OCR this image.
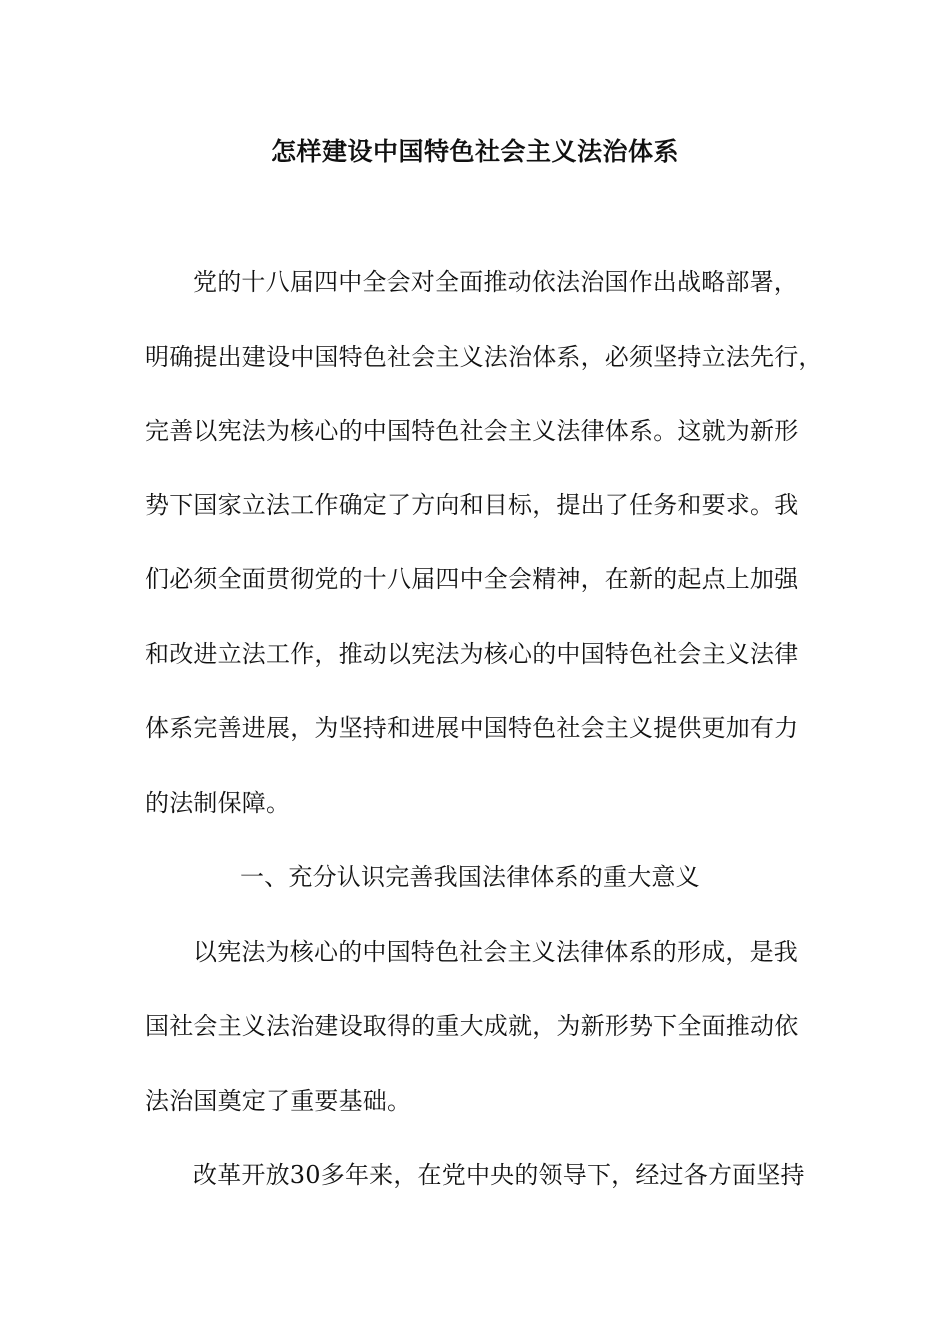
怎样建设中国特色社会主义法治体系
党的十八届四中全会对全面推动依法治国作出战略部署，
明确提出建设中国特色社会主义法治体系，必须坚持立法先行，
完善以宪法为核心的中国特色社会主义法律体系。这就为新形
势下国家立法工作确定了方向和目标，提出了任务和要求。我
们必须全面贯彻党的十八届四中全会精神，在新的起点上加强
和改进立法工作，推动以宪法为核心的中国特色社会主义法律
体系完善进展，为坚持和进展中国特色社会主义提供更加有力
的法制保障。
一、充分认识完善我国法律体系的重大意义
以宪法为核心的中国特色社会主义法律体系的形成，是我
国社会主义法治建设取得的重大成就，为新形势下全面推动依
法治国奠定了重要基础。
改革开放30多年来，在党中央的领导下，经过各方面坚持
